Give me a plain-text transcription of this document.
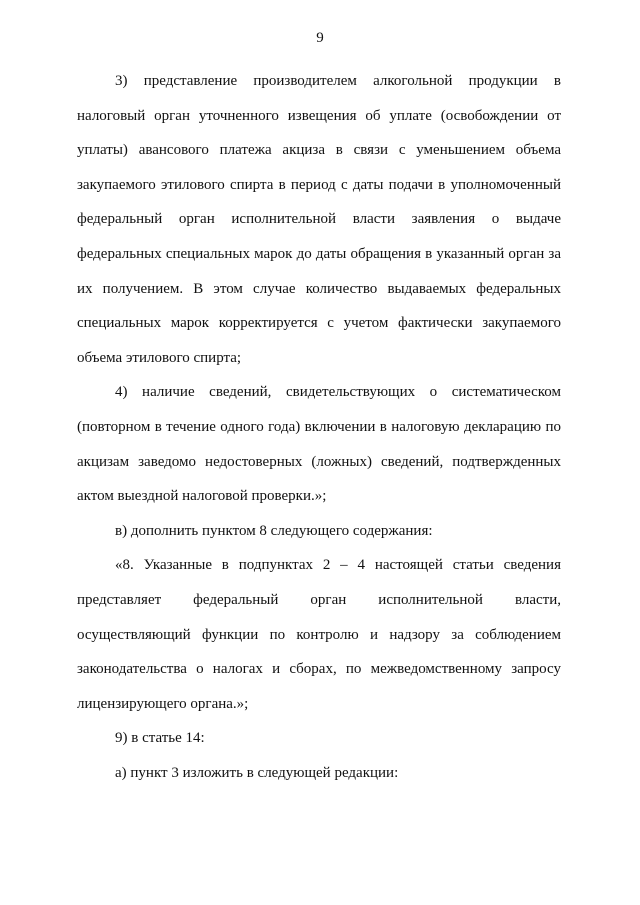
9

3) представление производителем алкогольной продукции в налоговый орган уточненного извещения об уплате (освобождении от уплаты) авансового платежа акциза в связи с уменьшением объема закупаемого этилового спирта в период с даты подачи в уполномоченный федеральный орган исполнительной власти заявления о выдаче федеральных специальных марок до даты обращения в указанный орган за их получением. В этом случае количество выдаваемых федеральных специальных марок корректируется с учетом фактически закупаемого объема этилового спирта;

4) наличие сведений, свидетельствующих о систематическом (повторном в течение одного года) включении в налоговую декларацию по акцизам заведомо недостоверных (ложных) сведений, подтвержденных актом выездной налоговой проверки.»;

в) дополнить пунктом 8 следующего содержания:

«8. Указанные в подпунктах 2 – 4 настоящей статьи сведения представляет федеральный орган исполнительной власти, осуществляющий функции по контролю и надзору за соблюдением законодательства о налогах и сборах, по межведомственному запросу лицензирующего органа.»;

9) в статье 14:

а) пункт 3 изложить в следующей редакции:
